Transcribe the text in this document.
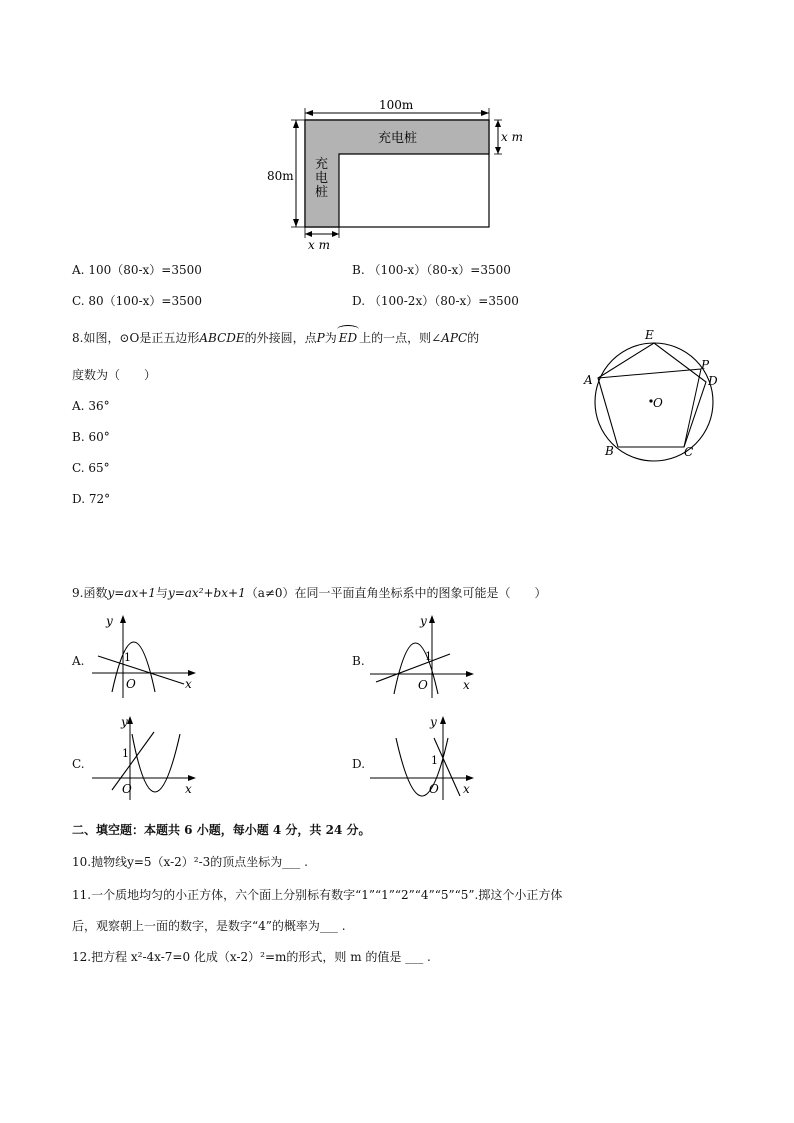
100m
80m
x m
x m
充电桩
充
电
桩
A. 100（80-x）=3500	B. （100-x）（80-x）=3500
C. 80（100-x）=3500	D. （100-2x）（80-x）=3500
8.如图，⊙O是正五边形ABCDE的外接圆，点P为 ED 上的一点，则∠APC的
度数为（　　）
A. 36°
B. 60°
C. 65°
D. 72°
A
E
P
D
B	C
O
9.函数y=ax+1与y=ax²+bx+1（a≠0）在同一平面直角坐标系中的图象可能是（　　）
A.
y
x
O
1	B.
y
x
O
1
C.
y
x
O
1
D.
y
x
O
1
二、填空题：本题共 6 小题，每小题 4 分，共 24 分。
10.抛物线y=5（x-2）²-3的顶点坐标为___ .
11.一个质地均匀的小正方体，六个面上分别标有数字“1”“1”“2”“4”“5”“5”.掷这个小正方体
后，观察朝上一面的数字，是数字“4”的概率为___ .
12.把方程 x²-4x-7=0 化成（x-2）²=m的形式，则 m 的值是 ___ .
